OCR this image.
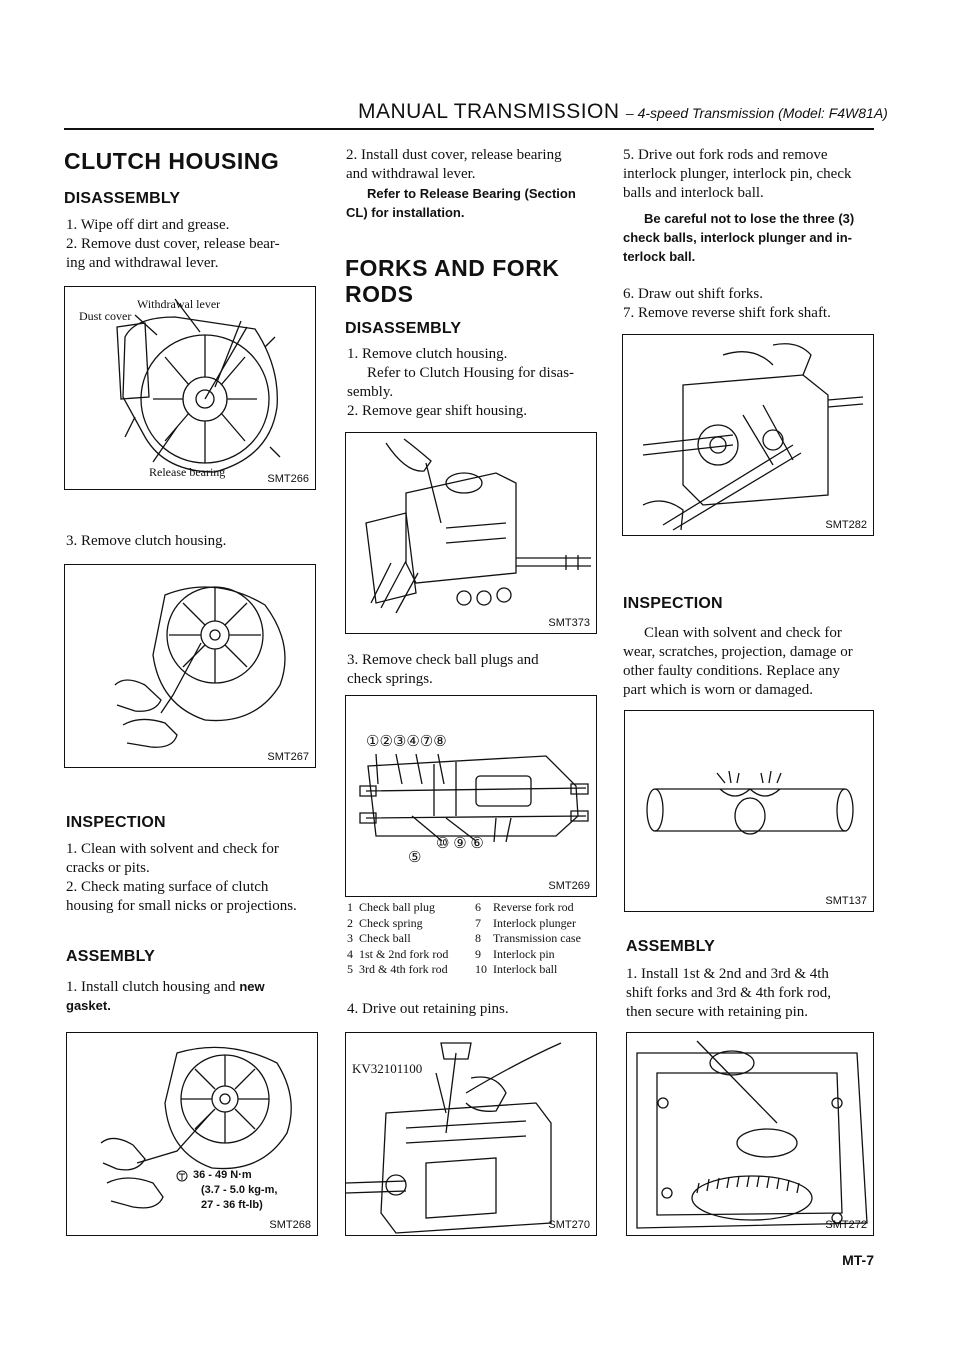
MANUAL TRANSMISSION – 4-speed Transmission (Model: F4W81A)
CLUTCH HOUSING
DISASSEMBLY
1. Wipe off dirt and grease.
2. Remove dust cover, release bear-
ing and withdrawal lever.
Withdrawal lever
Dust cover
Release bearing	SMT266
3. Remove clutch housing.
SMT267
INSPECTION
1. Clean with solvent and check for
cracks or pits.
2. Check mating surface of clutch
housing for small nicks or projections.
ASSEMBLY
1. Install clutch housing and new
gasket.
36 - 49 N·m
(3.7 - 5.0 kg-m,
27 - 36 ft-lb)
SMT268
2. Install dust cover, release bearing
and withdrawal lever.
Refer to Release Bearing (Section
CL) for installation.
FORKS AND FORK
RODS
DISASSEMBLY
1. Remove clutch housing.
Refer to Clutch Housing for disas-
sembly.
2. Remove gear shift housing.
SMT373
3. Remove check ball plugs and
check springs.
①②③④⑦⑧
⑩ ⑨ ⑥
⑤
SMT269
1	Check ball plug	6	Reverse fork rod
2	Check spring	7	Interlock plunger
3	Check ball	8	Transmission case
4	1st & 2nd fork rod	9	Interlock pin
5	3rd & 4th fork rod	10	Interlock ball
4. Drive out retaining pins.
KV32101100
SMT270
5. Drive out fork rods and remove
interlock plunger, interlock pin, check
balls and interlock ball.
Be careful not to lose the three (3)
check balls, interlock plunger and in-
terlock ball.
6. Draw out shift forks.
7. Remove reverse shift fork shaft.
SMT282
INSPECTION
Clean with solvent and check for
wear, scratches, projection, damage or
other faulty conditions. Replace any
part which is worn or damaged.
SMT137
ASSEMBLY
1. Install 1st & 2nd and 3rd & 4th
shift forks and 3rd & 4th fork rod,
then secure with retaining pin.
SMT272
MT-7
